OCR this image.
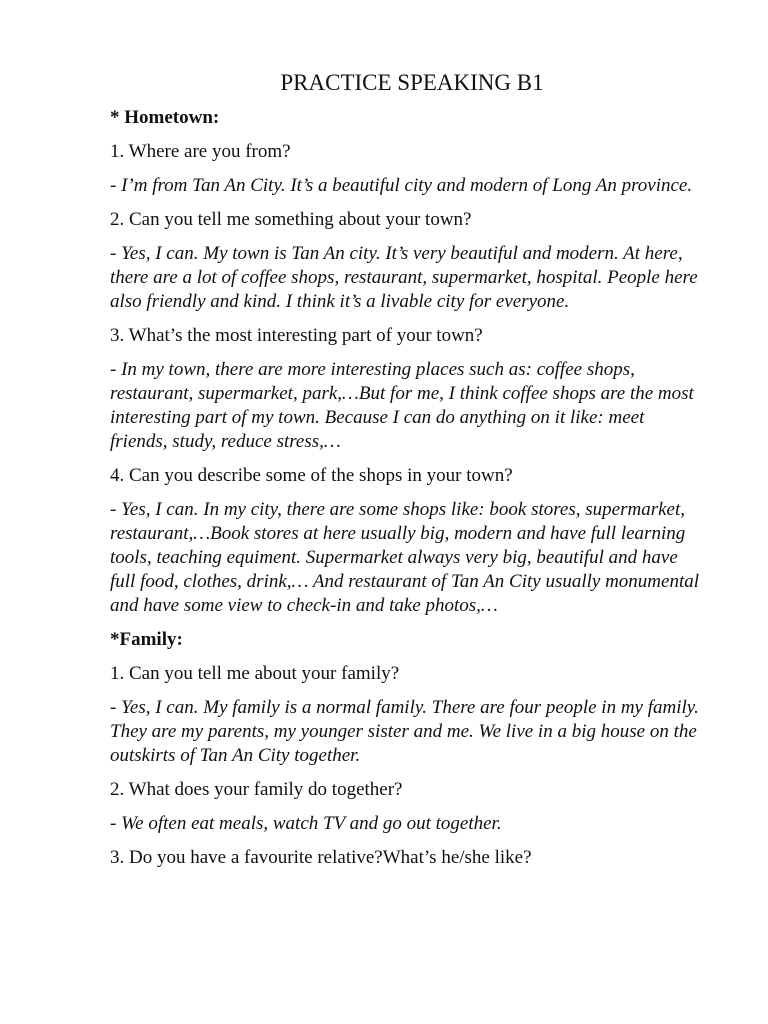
PRACTICE SPEAKING B1
* Hometown:
1. Where are you from?
- I’m from Tan An City. It’s a beautiful city and modern of Long An province.
2. Can you tell me something about your town?
- Yes, I can. My town is Tan An city. It’s very beautiful and modern. At here, there are a lot of coffee shops, restaurant, supermarket, hospital. People here also friendly and kind. I think it’s a livable city for everyone.
3. What’s the most interesting part of your town?
- In my town, there are more interesting places such as: coffee shops, restaurant, supermarket, park,…But for me, I think coffee shops are the most interesting part of my town. Because I can do anything on it like: meet friends, study, reduce stress,…
4. Can you describe some of the shops in your town?
- Yes, I can. In my city, there are some shops like: book stores, supermarket, restaurant,…Book stores at here usually big, modern and have full learning tools, teaching equiment. Supermarket always very big, beautiful and have full food, clothes, drink,… And restaurant of Tan An City usually monumental and have some view to check-in and take photos,…
*Family:
1. Can you tell me about your family?
- Yes, I can. My family is a normal family. There are four people in my family. They are my parents, my younger sister and me. We live in a big house on the outskirts of Tan An City together.
2. What does your family do together?
- We often eat meals, watch TV and go out together.
3. Do you have a favourite relative?What’s he/she like?
